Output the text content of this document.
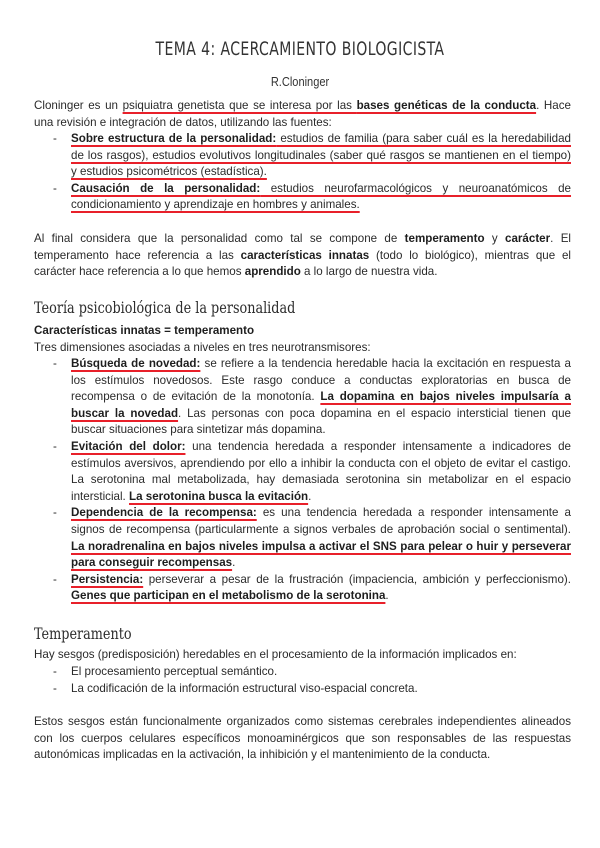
TEMA 4: ACERCAMIENTO BIOLOGICISTA
R.Cloninger

Cloninger es un psiquiatra genetista que se interesa por las bases genéticas de la conducta. Hace una revisión e integración de datos, utilizando las fuentes:

- Sobre estructura de la personalidad: estudios de familia (para saber cuál es la heredabilidad de los rasgos), estudios evolutivos longitudinales (saber qué rasgos se mantienen en el tiempo) y estudios psicométricos (estadística).
- Causación de la personalidad: estudios neurofarmacológicos y neuroanatómicos de condicionamiento y aprendizaje en hombres y animales.

Al final considera que la personalidad como tal se compone de temperamento y carácter. El temperamento hace referencia a las características innatas (todo lo biológico), mientras que el carácter hace referencia a lo que hemos aprendido a lo largo de nuestra vida.

Teoría psicobiológica de la personalidad

Características innatas = temperamento

Tres dimensiones asociadas a niveles en tres neurotransmisores:

- Búsqueda de novedad: se refiere a la tendencia heredable hacia la excitación en respuesta a los estímulos novedosos. Este rasgo conduce a conductas exploratorias en busca de recompensa o de evitación de la monotonía. La dopamina en bajos niveles impulsaría a buscar la novedad. Las personas con poca dopamina en el espacio intersticial tienen que buscar situaciones para sintetizar más dopamina.
- Evitación del dolor: una tendencia heredada a responder intensamente a indicadores de estímulos aversivos, aprendiendo por ello a inhibir la conducta con el objeto de evitar el castigo. La serotonina mal metabolizada, hay demasiada serotonina sin metabolizar en el espacio intersticial. La serotonina busca la evitación.
- Dependencia de la recompensa: es una tendencia heredada a responder intensamente a signos de recompensa (particularmente a signos verbales de aprobación social o sentimental). La noradrenalina en bajos niveles impulsa a activar el SNS para pelear o huir y perseverar para conseguir recompensas.
- Persistencia: perseverar a pesar de la frustración (impaciencia, ambición y perfeccionismo). Genes que participan en el metabolismo de la serotonina.
Temperamento

Hay sesgos (predisposición) heredables en el procesamiento de la información implicados en:

- El procesamiento perceptual semántico.
- La codificación de la información estructural viso-espacial concreta.

Estos sesgos están funcionalmente organizados como sistemas cerebrales independientes alineados con los cuerpos celulares específicos monoaminérgicos que son responsables de las respuestas autonómicas implicadas en la activación, la inhibición y el mantenimiento de la conducta.
